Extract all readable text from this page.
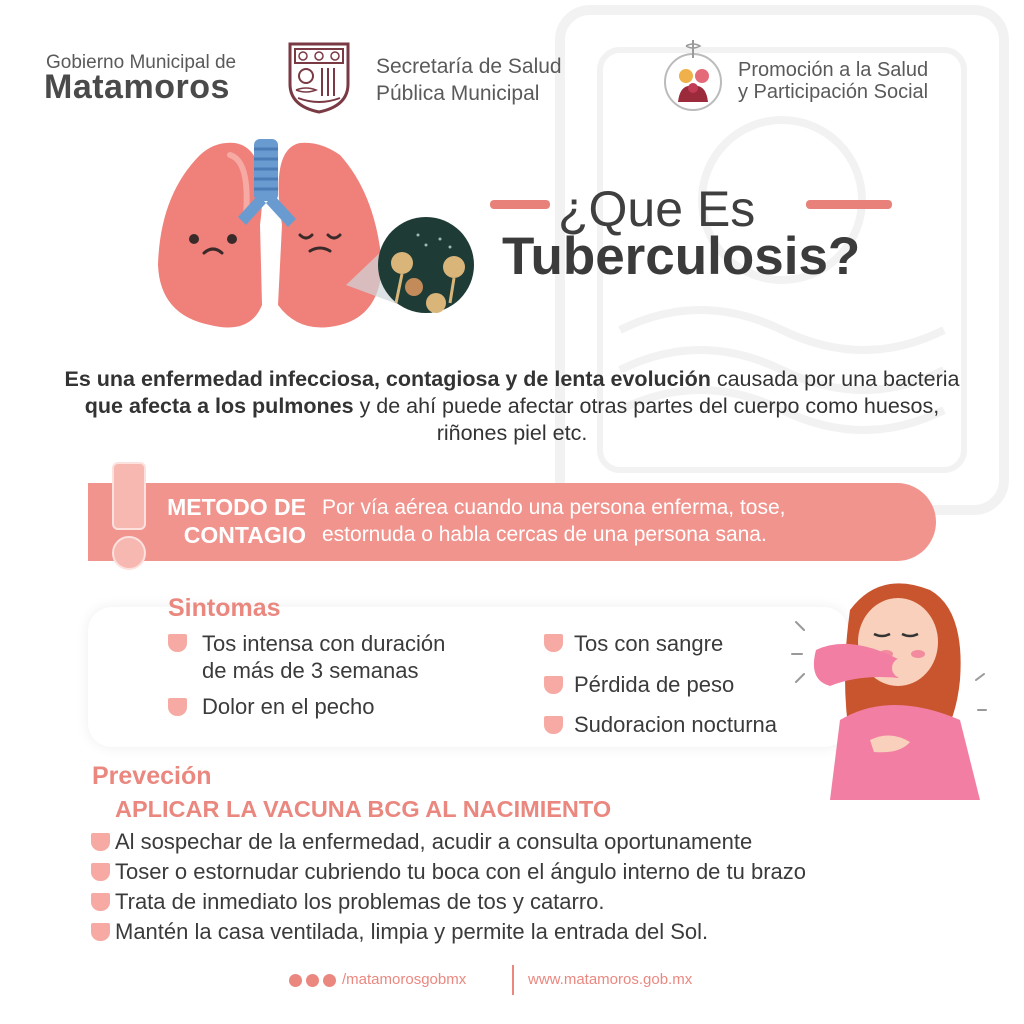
Gobierno Municipal de
Matamoros
Secretaría de Salud
Pública Municipal
Promoción a la Salud
y Participación Social
¿Que Es
Tuberculosis?
Es una enfermedad infecciosa, contagiosa y de lenta evolución causada por una bacteria que afecta a los pulmones y de ahí puede afectar otras partes del cuerpo como huesos, riñones piel etc.
METODO DE
CONTAGIO
Por vía aérea cuando una persona enferma, tose,
estornuda o habla cercas de una persona sana.
Sintomas
Tos intensa con duración
de más de 3 semanas
Dolor en el pecho
Tos con sangre
Pérdida de peso
Sudoracion nocturna
Preveción
APLICAR LA VACUNA BCG AL NACIMIENTO
Al sospechar de la enfermedad, acudir a consulta oportunamente
Toser o estornudar cubriendo tu boca con el ángulo interno de tu brazo
Trata de inmediato los problemas de tos y catarro.
Mantén la casa ventilada, limpia y permite la entrada del Sol.
/matamorosgobmx	www.matamoros.gob.mx
